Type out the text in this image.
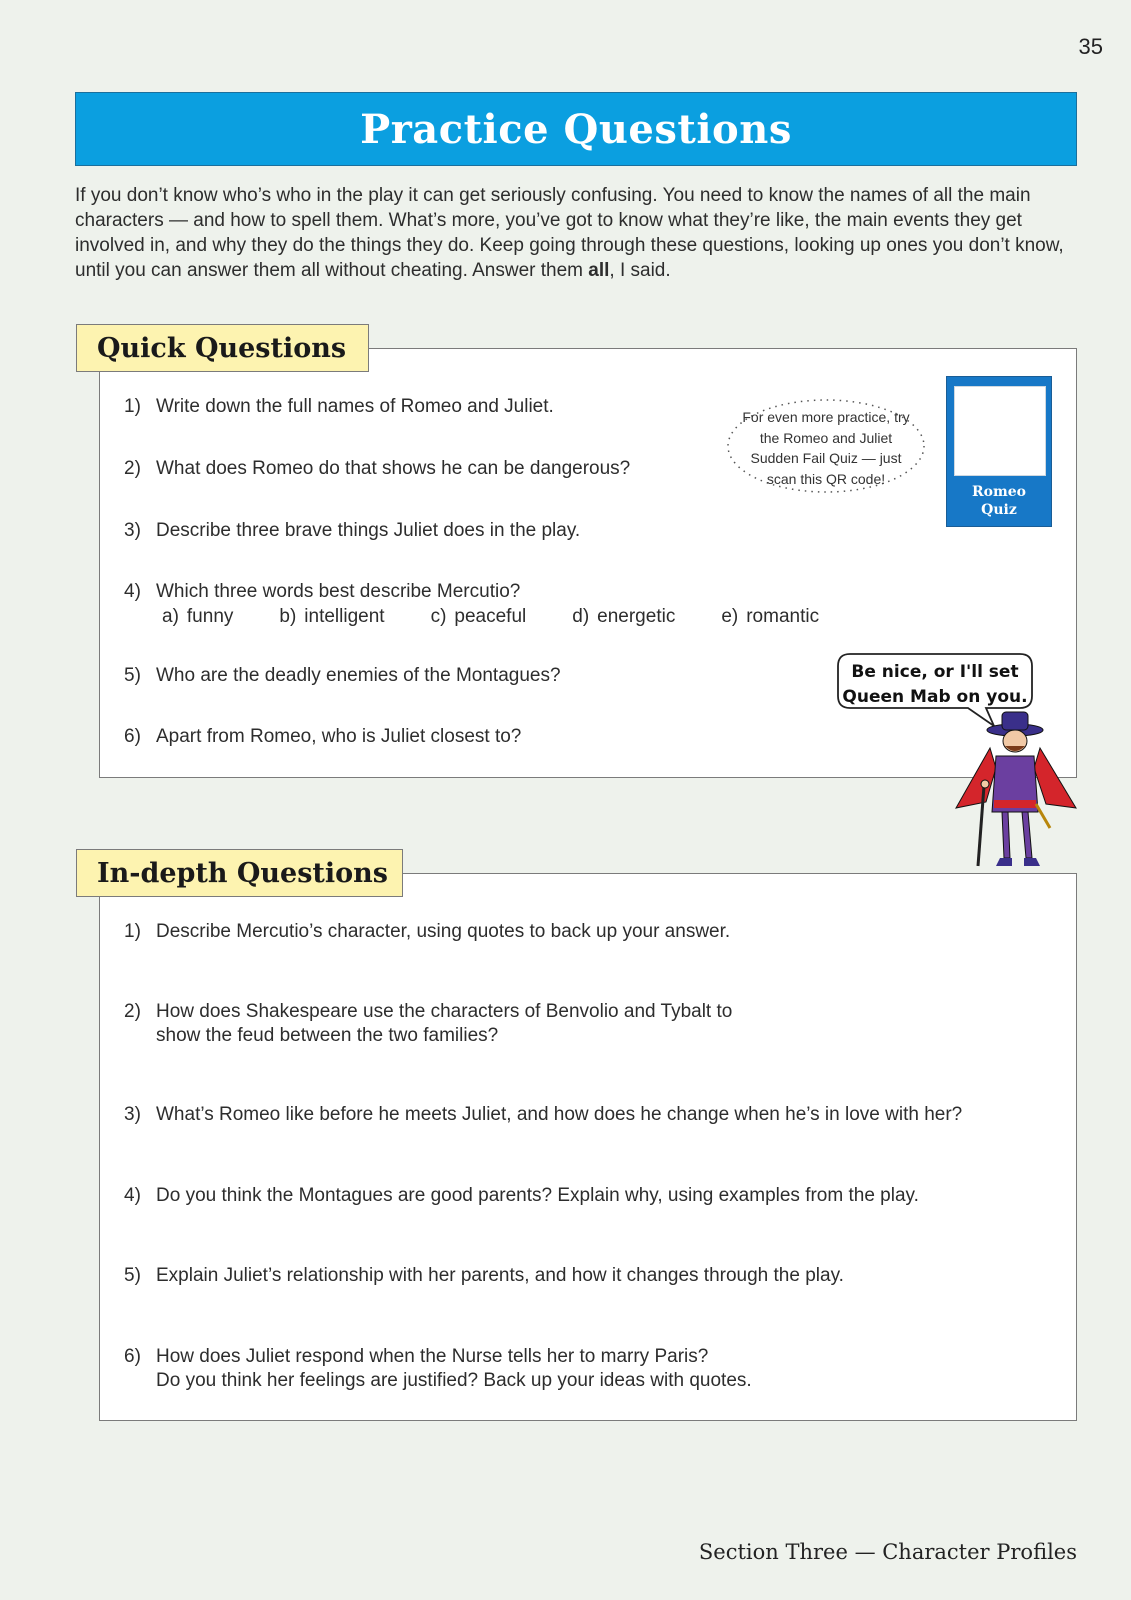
35
Practice Questions

If you don’t know who’s who in the play it can get seriously confusing. You need to know the names of all the main characters — and how to spell them. What’s more, you’ve got to know what they’re like, the main events they get involved in, and why they do the things they do. Keep going through these questions, looking up ones you don’t know, until you can answer them all without cheating. Answer them all, I said.

1) Write down the full names of Romeo and Juliet.
2) What does Romeo do that shows he can be dangerous?
3) Describe three brave things Juliet does in the play.
4) Which three words best describe Mercutio?
a) funny b) intelligent c) peaceful d) energetic e) romantic
5) Who are the deadly enemies of the Montagues?
6) Apart from Romeo, who is Juliet closest to?
Quick Questions
For even more practice, try the Romeo and Juliet Sudden Fail Quiz — just scan this QR code!
Romeo
Quiz
Be nice, or I'll set
Queen Mab on you.
1) Describe Mercutio’s character, using quotes to back up your answer.
2) How does Shakespeare use the characters of Benvolio and Tybalt to
show the feud between the two families?
3) What’s Romeo like before he meets Juliet, and how does he change when he’s in love with her?
4) Do you think the Montagues are good parents? Explain why, using examples from the play.
5) Explain Juliet’s relationship with her parents, and how it changes through the play.
6) How does Juliet respond when the Nurse tells her to marry Paris?
Do you think her feelings are justified? Back up your ideas with quotes.
In-depth Questions
Section Three — Character Profiles
